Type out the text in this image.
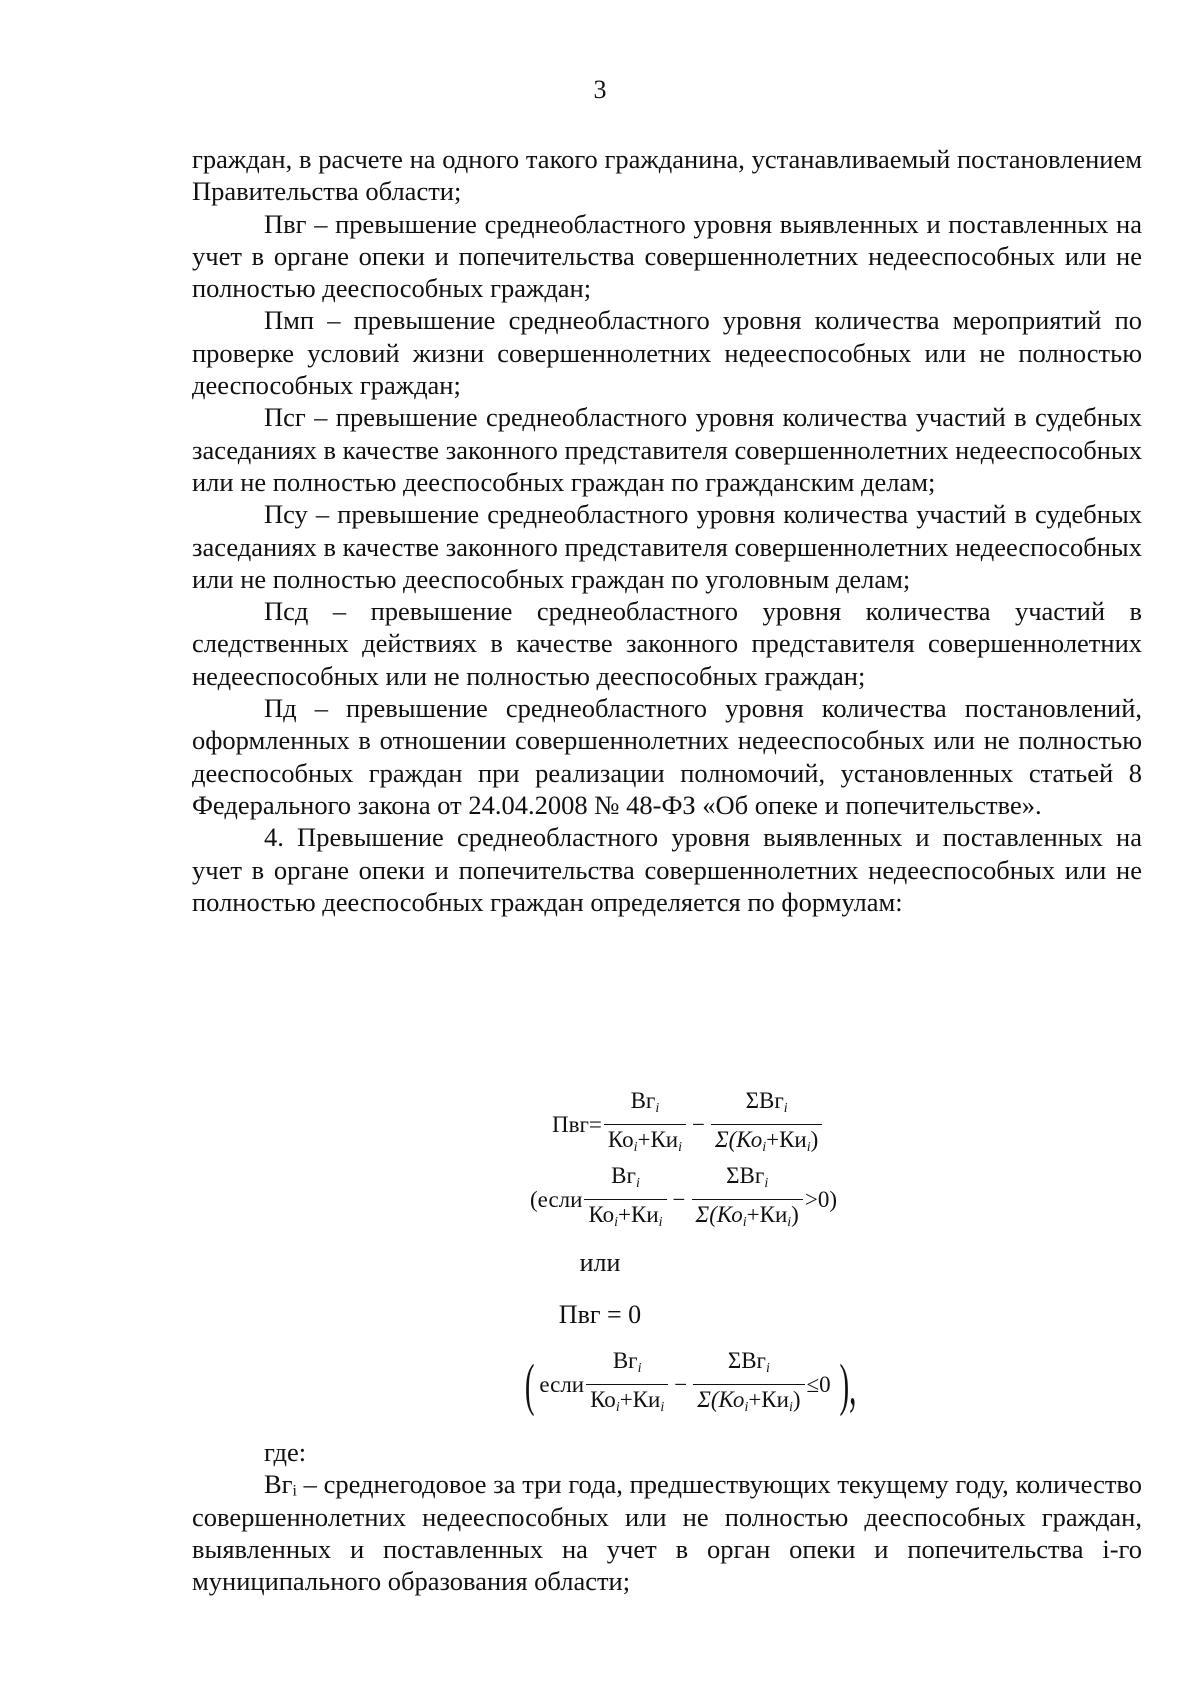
3

граждан, в расчете на одного такого гражданина, устанавливаемый постановлением Правительства области;

Пвг – превышение среднеобластного уровня выявленных и поставленных на учет в органе опеки и попечительства совершеннолетних недееспособных или не полностью дееспособных граждан;

Пмп – превышение среднеобластного уровня количества мероприятий по проверке условий жизни совершеннолетних недееспособных или не полностью дееспособных граждан;

Псг – превышение среднеобластного уровня количества участий в судебных заседаниях в качестве законного представителя совершеннолетних недееспособных или не полностью дееспособных граждан по гражданским делам;

Псу – превышение среднеобластного уровня количества участий в судебных заседаниях в качестве законного представителя совершеннолетних недееспособных или не полностью дееспособных граждан по уголовным делам;

Псд – превышение среднеобластного уровня количества участий в следственных действиях в качестве законного представителя совершеннолетних недееспособных или не полностью дееспособных граждан;

Пд – превышение среднеобластного уровня количества постановлений, оформленных в отношении совершеннолетних недееспособных или не полностью дееспособных граждан при реализации полномочий, установленных статьей 8 Федерального закона от 24.04.2008 № 48-ФЗ «Об опеке и попечительстве».

4. Превышение среднеобластного уровня выявленных и поставленных на учет в органе опеки и попечительства совершеннолетних недееспособных или не полностью дееспособных граждан определяется по формулам:

$Пвг= \frac{Вг_i}{Ко_i+Ки_i} - \frac{\Sigma Вг_i}{\Sigma(Ко_i+Ки_i)}$
(если $\frac{Вг_i}{Ко_i+Ки_i} - \frac{\Sigma Вг_i}{\Sigma(Ко_i+Ки_i)} >0$)
или
Пвг = 0
( если $\frac{Вг_i}{Ко_i+Ки_i} - \frac{\Sigma Вг_i}{\Sigma(Ко_i+Ки_i)} \le 0$ ),

где:

Вгᵢ – среднегодовое за три года, предшествующих текущему году, количество совершеннолетних недееспособных или не полностью дееспособных граждан, выявленных и поставленных на учет в орган опеки и попечительства i-го муниципального образования области;
